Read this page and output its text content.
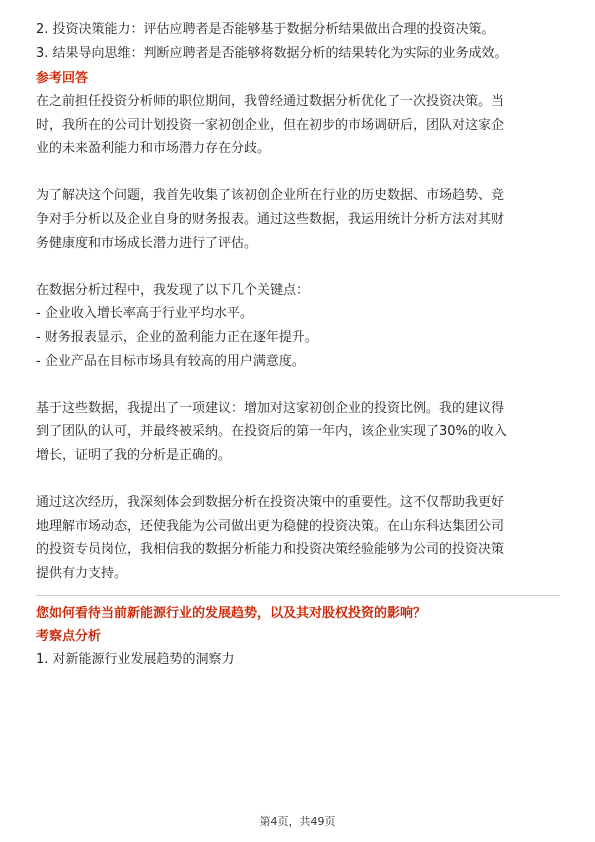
2. 投资决策能力：评估应聘者是否能够基于数据分析结果做出合理的投资决策。
3. 结果导向思维：判断应聘者是否能够将数据分析的结果转化为实际的业务成效。
参考回答
在之前担任投资分析师的职位期间，我曾经通过数据分析优化了一次投资决策。当
时，我所在的公司计划投资一家初创企业，但在初步的市场调研后，团队对这家企
业的未来盈利能力和市场潜力存在分歧。
为了解决这个问题，我首先收集了该初创企业所在行业的历史数据、市场趋势、竞
争对手分析以及企业自身的财务报表。通过这些数据，我运用统计分析方法对其财
务健康度和市场成长潜力进行了评估。
在数据分析过程中，我发现了以下几个关键点：
- 企业收入增长率高于行业平均水平。
- 财务报表显示，企业的盈利能力正在逐年提升。
- 企业产品在目标市场具有较高的用户满意度。
基于这些数据，我提出了一项建议：增加对这家初创企业的投资比例。我的建议得
到了团队的认可，并最终被采纳。在投资后的第一年内，该企业实现了30%的收入
增长，证明了我的分析是正确的。
通过这次经历，我深刻体会到数据分析在投资决策中的重要性。这不仅帮助我更好
地理解市场动态，还使我能为公司做出更为稳健的投资决策。在山东科达集团公司
的投资专员岗位，我相信我的数据分析能力和投资决策经验能够为公司的投资决策
提供有力支持。
您如何看待当前新能源行业的发展趋势，以及其对股权投资的影响？
考察点分析
1. 对新能源行业发展趋势的洞察力
第4页，共49页
